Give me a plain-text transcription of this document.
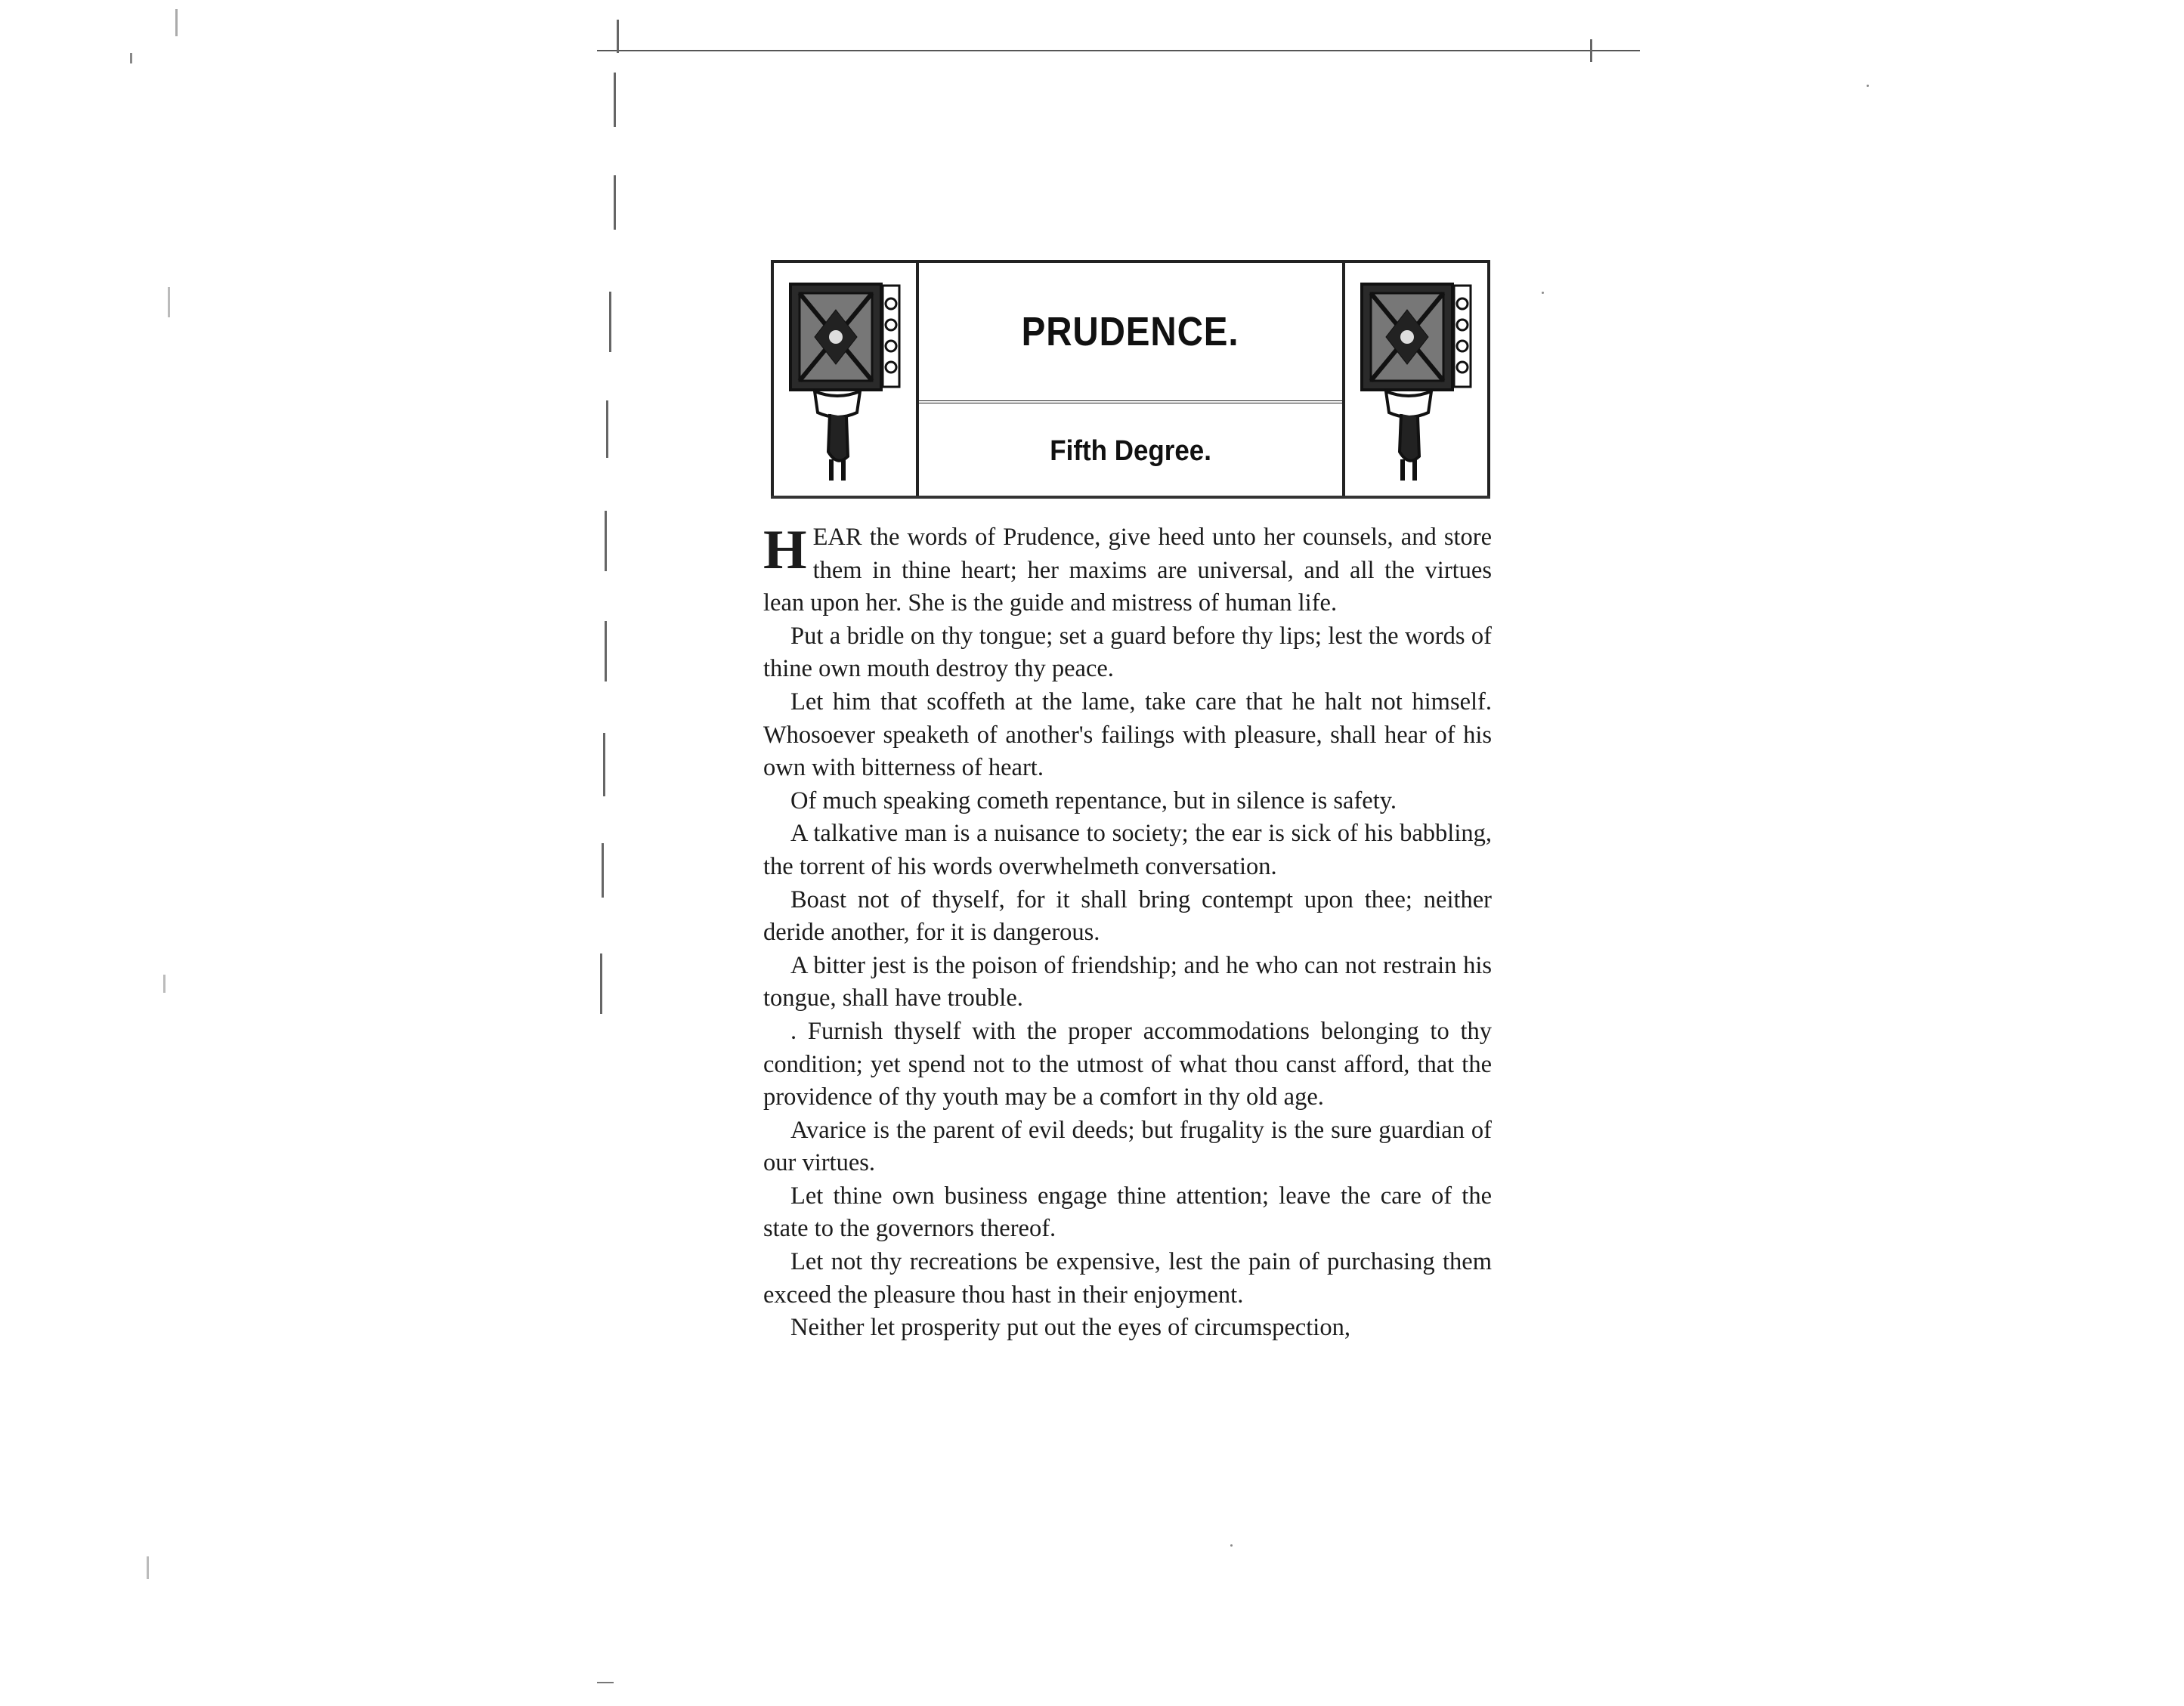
PRUDENCE.
Fifth Degree.

HEAR the words of Prudence, give heed unto her counsels, and store them in thine heart; her maxims are universal, and all the virtues lean upon her. She is the guide and mistress of human life.

Put a bridle on thy tongue; set a guard before thy lips; lest the words of thine own mouth destroy thy peace.

Let him that scoffeth at the lame, take care that he halt not himself. Whosoever speaketh of another's failings with pleasure, shall hear of his own with bitterness of heart.

Of much speaking cometh repentance, but in silence is safety.

A talkative man is a nuisance to society; the ear is sick of his babbling, the torrent of his words overwhelmeth conversation.

Boast not of thyself, for it shall bring contempt upon thee; neither deride another, for it is dangerous.

A bitter jest is the poison of friendship; and he who can not restrain his tongue, shall have trouble.

. Furnish thyself with the proper accommodations belonging to thy condition; yet spend not to the utmost of what thou canst afford, that the providence of thy youth may be a comfort in thy old age.

Avarice is the parent of evil deeds; but frugality is the sure guardian of our virtues.

Let thine own business engage thine attention; leave the care of the state to the governors thereof.

Let not thy recreations be expensive, lest the pain of purchasing them exceed the pleasure thou hast in their enjoyment.

Neither let prosperity put out the eyes of circumspection,
